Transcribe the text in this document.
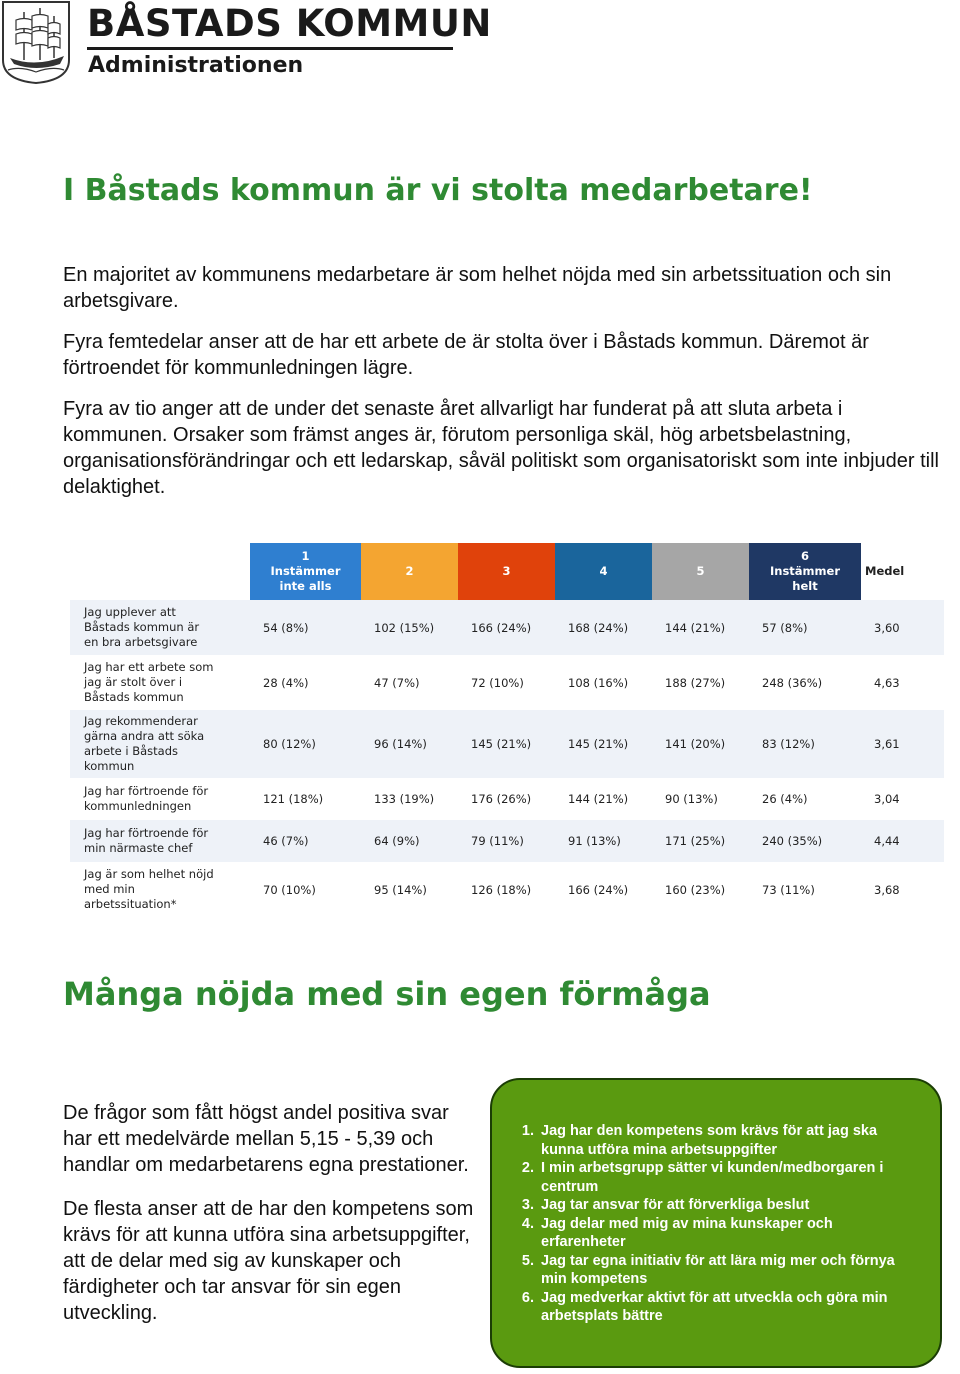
BÅSTADS KOMMUN
Administrationen
I Båstads kommun är vi stolta medarbetare!

En majoritet av kommunens medarbetare är som helhet nöjda med sin arbetssituation och sin arbetsgivare.

Fyra femtedelar anser att de har ett arbete de är stolta över i Båstads kommun. Däremot är förtroendet för kommunledningen lägre.

Fyra av tio anger att de under det senaste året allvarligt har funderat på att sluta arbeta i kommunen. Orsaker som främst anges är, förutom personliga skäl, hög arbetsbelastning, organisationsförändringar och ett ledarskap, såväl politiskt som organisatoriskt som inte inbjuder till delaktighet.

	1
Instämmer
inte alls	2	3	4	5	6
Instämmer
helt	Medel
Jag upplever att
Båstads kommun är
en bra arbetsgivare	54 (8%)	102 (15%)	166 (24%)	168 (24%)	144 (21%)	57 (8%)	3,60
Jag har ett arbete som
jag är stolt över i
Båstads kommun	28 (4%)	47 (7%)	72 (10%)	108 (16%)	188 (27%)	248 (36%)	4,63
Jag rekommenderar
gärna andra att söka
arbete i Båstads
kommun	80 (12%)	96 (14%)	145 (21%)	145 (21%)	141 (20%)	83 (12%)	3,61
Jag har förtroende för
kommunledningen	121 (18%)	133 (19%)	176 (26%)	144 (21%)	90 (13%)	26 (4%)	3,04
Jag har förtroende för
min närmaste chef	46 (7%)	64 (9%)	79 (11%)	91 (13%)	171 (25%)	240 (35%)	4,44
Jag är som helhet nöjd
med min
arbetssituation*	70 (10%)	95 (14%)	126 (18%)	166 (24%)	160 (23%)	73 (11%)	3,68
Många nöjda med sin egen förmåga

De frågor som fått högst andel positiva svar har ett medelvärde mellan 5,15 - 5,39 och handlar om medarbetarens egna prestationer.

De flesta anser att de har den kompetens som krävs för att kunna utföra sina arbetsuppgifter, att de delar med sig av kunskaper och färdigheter och tar ansvar för sin egen utveckling.

1. Jag har den kompetens som krävs för att jag ska kunna utföra mina arbetsuppgifter
2. I min arbetsgrupp sätter vi kunden/medborgaren i centrum
3. Jag tar ansvar för att förverkliga beslut
4. Jag delar med mig av mina kunskaper och erfarenheter
5. Jag tar egna initiativ för att lära mig mer och förnya min kompetens
6. Jag medverkar aktivt för att utveckla och göra min arbetsplats bättre
